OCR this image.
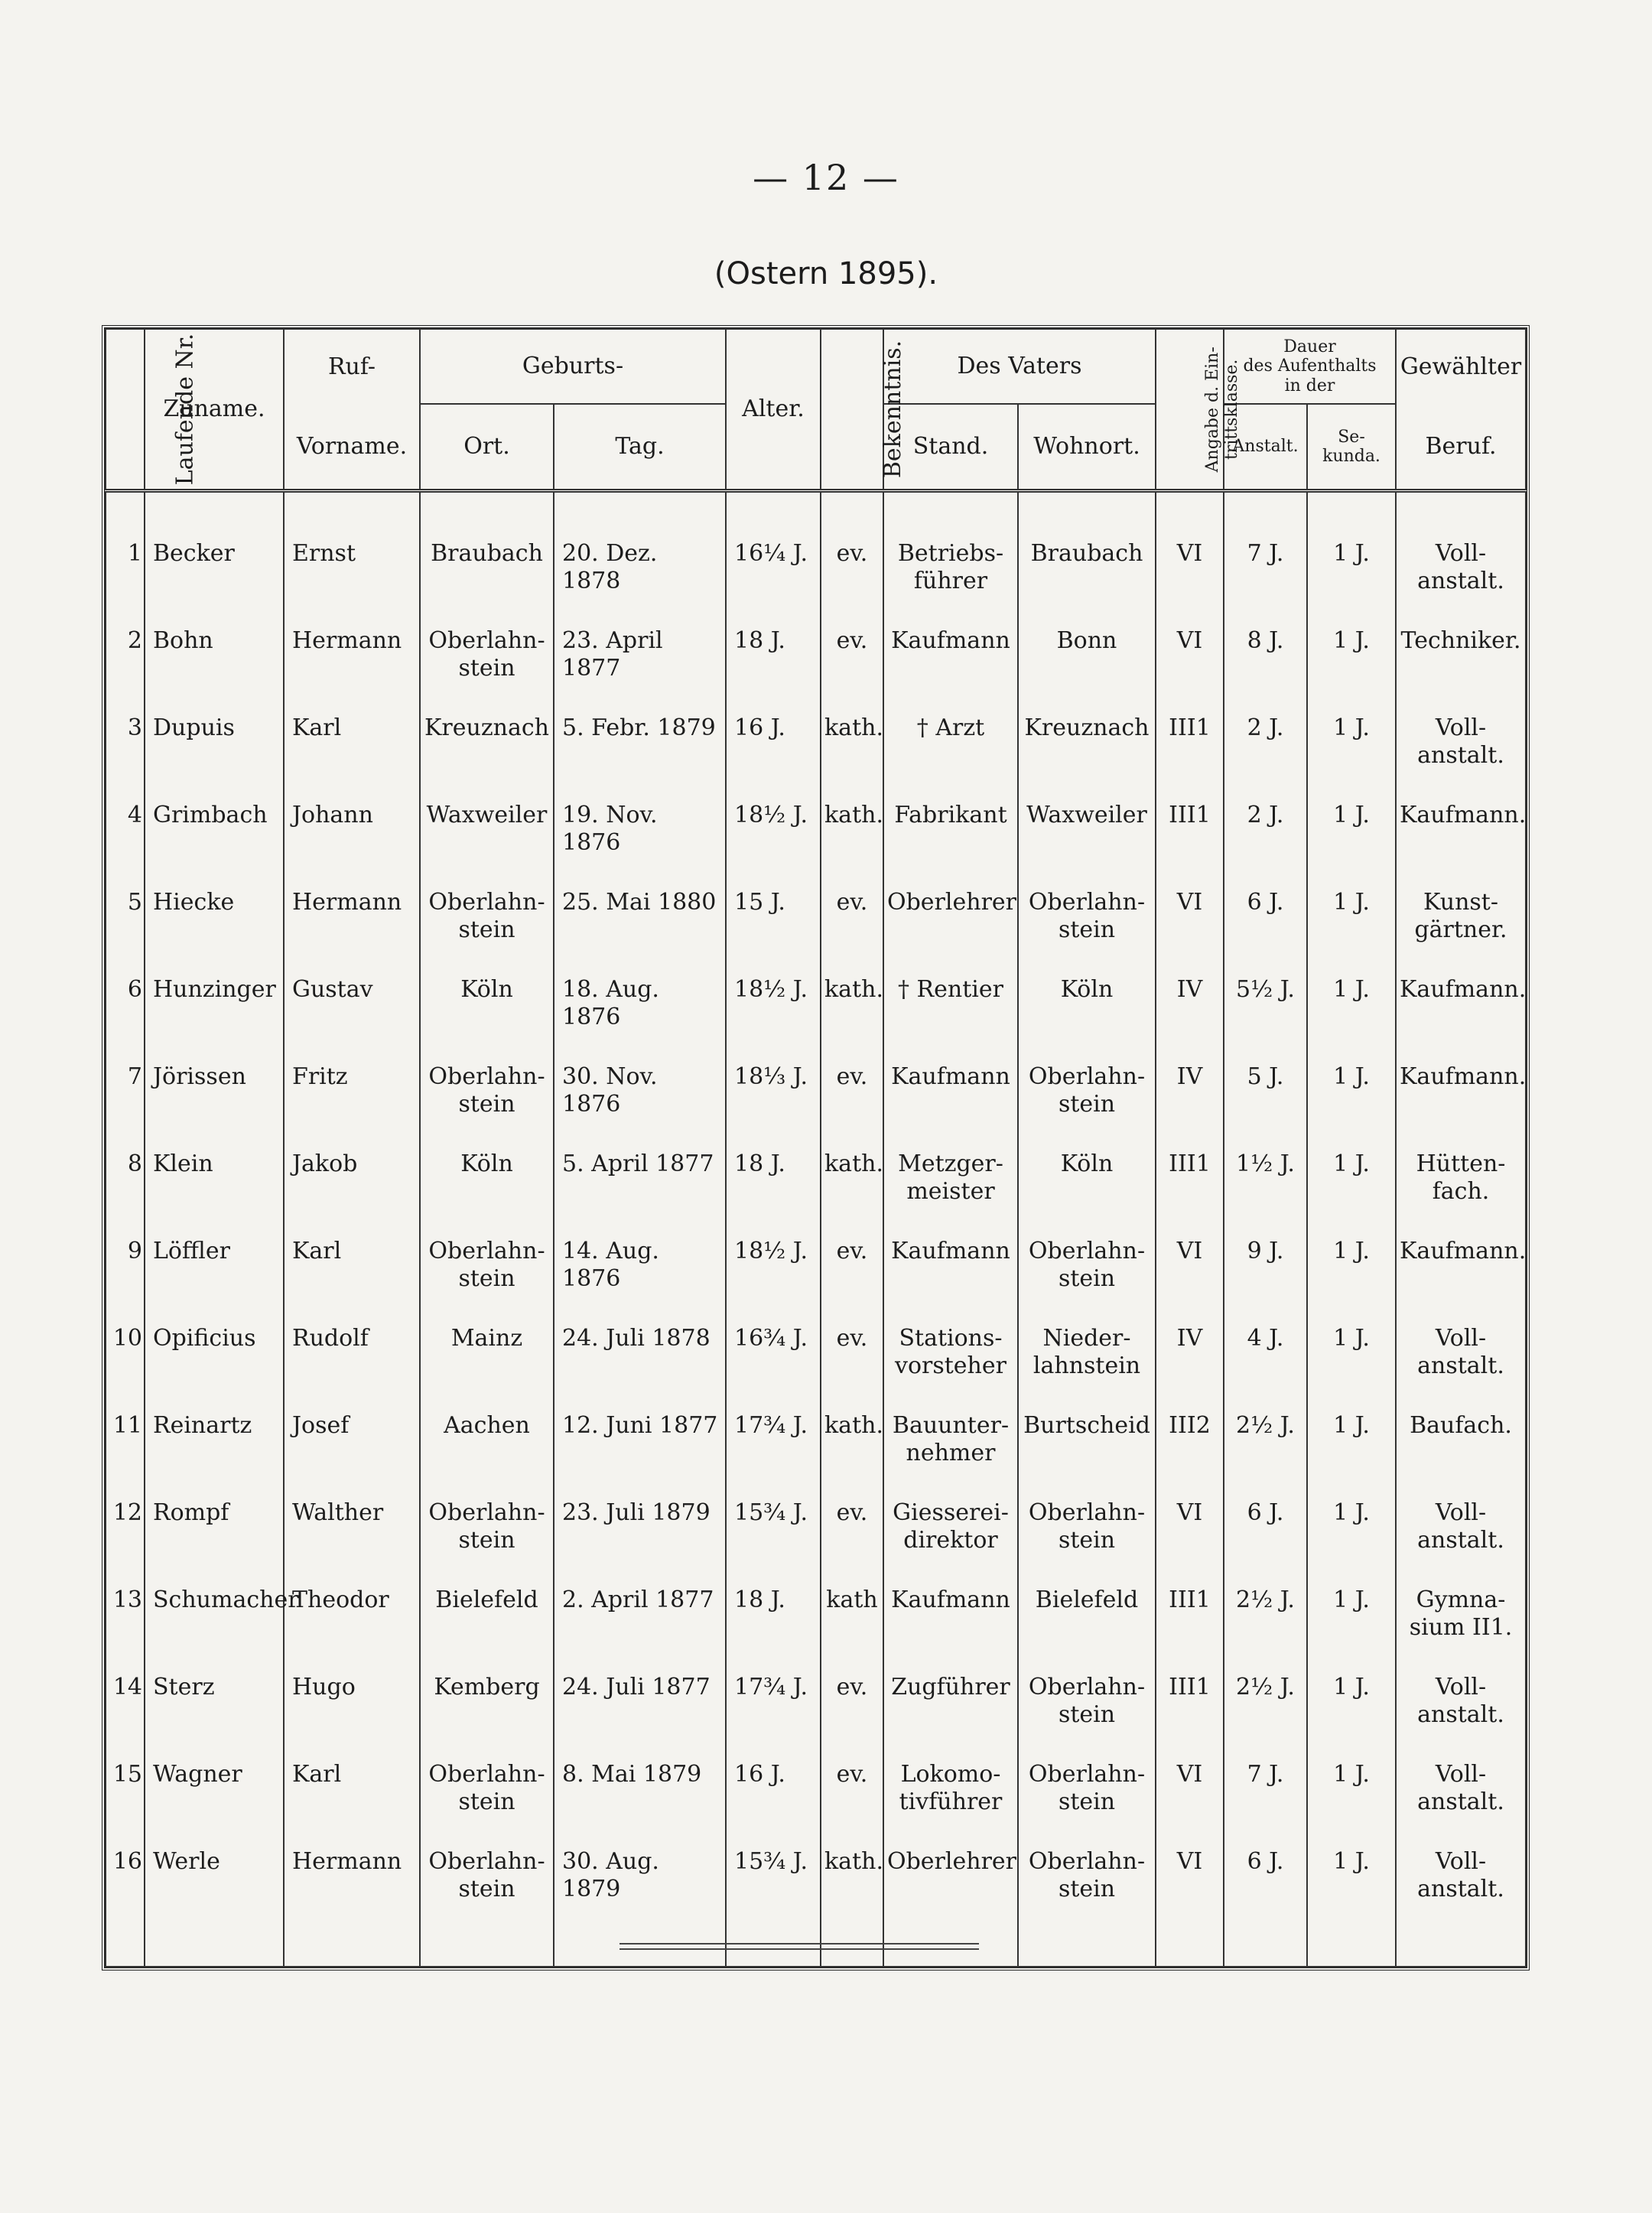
— 12 —
(Ostern 1895).
Laufende Nr.	Zuname.	Ruf-	Geburts-		Alter.	Bekenntnis.	Des Vaters		Angabe d. Ein-
trittsklasse.	Dauer
des Aufenthalts
in der		Gewählter
		Vorname.	Ort.	Tag.			Stand.	Wohnort.		Anstalt.	Se-
kunda.	Beruf.

1	Becker	Ernst	Braubach	20. Dez. 1878	16¼ J.	ev.	Betriebs-
führer	Braubach	VI	7 J.	1 J.	Voll-
anstalt.
2	Bohn	Hermann	Oberlahn-
stein	23. April 1877	18 J.	ev.	Kaufmann	Bonn	VI	8 J.	1 J.	Techniker.
3	Dupuis	Karl	Kreuznach	5. Febr. 1879	16 J.	kath.	† Arzt	Kreuznach	III1	2 J.	1 J.	Voll-
anstalt.
4	Grimbach	Johann	Waxweiler	19. Nov. 1876	18½ J.	kath.	Fabrikant	Waxweiler	III1	2 J.	1 J.	Kaufmann.
5	Hiecke	Hermann	Oberlahn-
stein	25. Mai 1880	15 J.	ev.	Oberlehrer	Oberlahn-
stein	VI	6 J.	1 J.	Kunst-
gärtner.
6	Hunzinger	Gustav	Köln	18. Aug. 1876	18½ J.	kath.	† Rentier	Köln	IV	5½ J.	1 J.	Kaufmann.
7	Jörissen	Fritz	Oberlahn-
stein	30. Nov. 1876	18⅓ J.	ev.	Kaufmann	Oberlahn-
stein	IV	5 J.	1 J.	Kaufmann.
8	Klein	Jakob	Köln	5. April 1877	18 J.	kath.	Metzger-
meister	Köln	III1	1½ J.	1 J.	Hütten-
fach.
9	Löffler	Karl	Oberlahn-
stein	14. Aug. 1876	18½ J.	ev.	Kaufmann	Oberlahn-
stein	VI	9 J.	1 J.	Kaufmann.
10	Opificius	Rudolf	Mainz	24. Juli 1878	16¾ J.	ev.	Stations-
vorsteher	Nieder-
lahnstein	IV	4 J.	1 J.	Voll-
anstalt.
11	Reinartz	Josef	Aachen	12. Juni 1877	17¾ J.	kath.	Bauunter-
nehmer	Burtscheid	III2	2½ J.	1 J.	Baufach.
12	Rompf	Walther	Oberlahn-
stein	23. Juli 1879	15¾ J.	ev.	Giesserei-
direktor	Oberlahn-
stein	VI	6 J.	1 J.	Voll-
anstalt.
13	Schumacher	Theodor	Bielefeld	2. April 1877	18 J.	kath	Kaufmann	Bielefeld	III1	2½ J.	1 J.	Gymna-
sium II1.
14	Sterz	Hugo	Kemberg	24. Juli 1877	17¾ J.	ev.	Zugführer	Oberlahn-
stein	III1	2½ J.	1 J.	Voll-
anstalt.
15	Wagner	Karl	Oberlahn-
stein	8. Mai 1879	16 J.	ev.	Lokomo-
tivführer	Oberlahn-
stein	VI	7 J.	1 J.	Voll-
anstalt.
16	Werle	Hermann	Oberlahn-
stein	30. Aug. 1879	15¾ J.	kath.	Oberlehrer	Oberlahn-
stein	VI	6 J.	1 J.	Voll-
anstalt.
